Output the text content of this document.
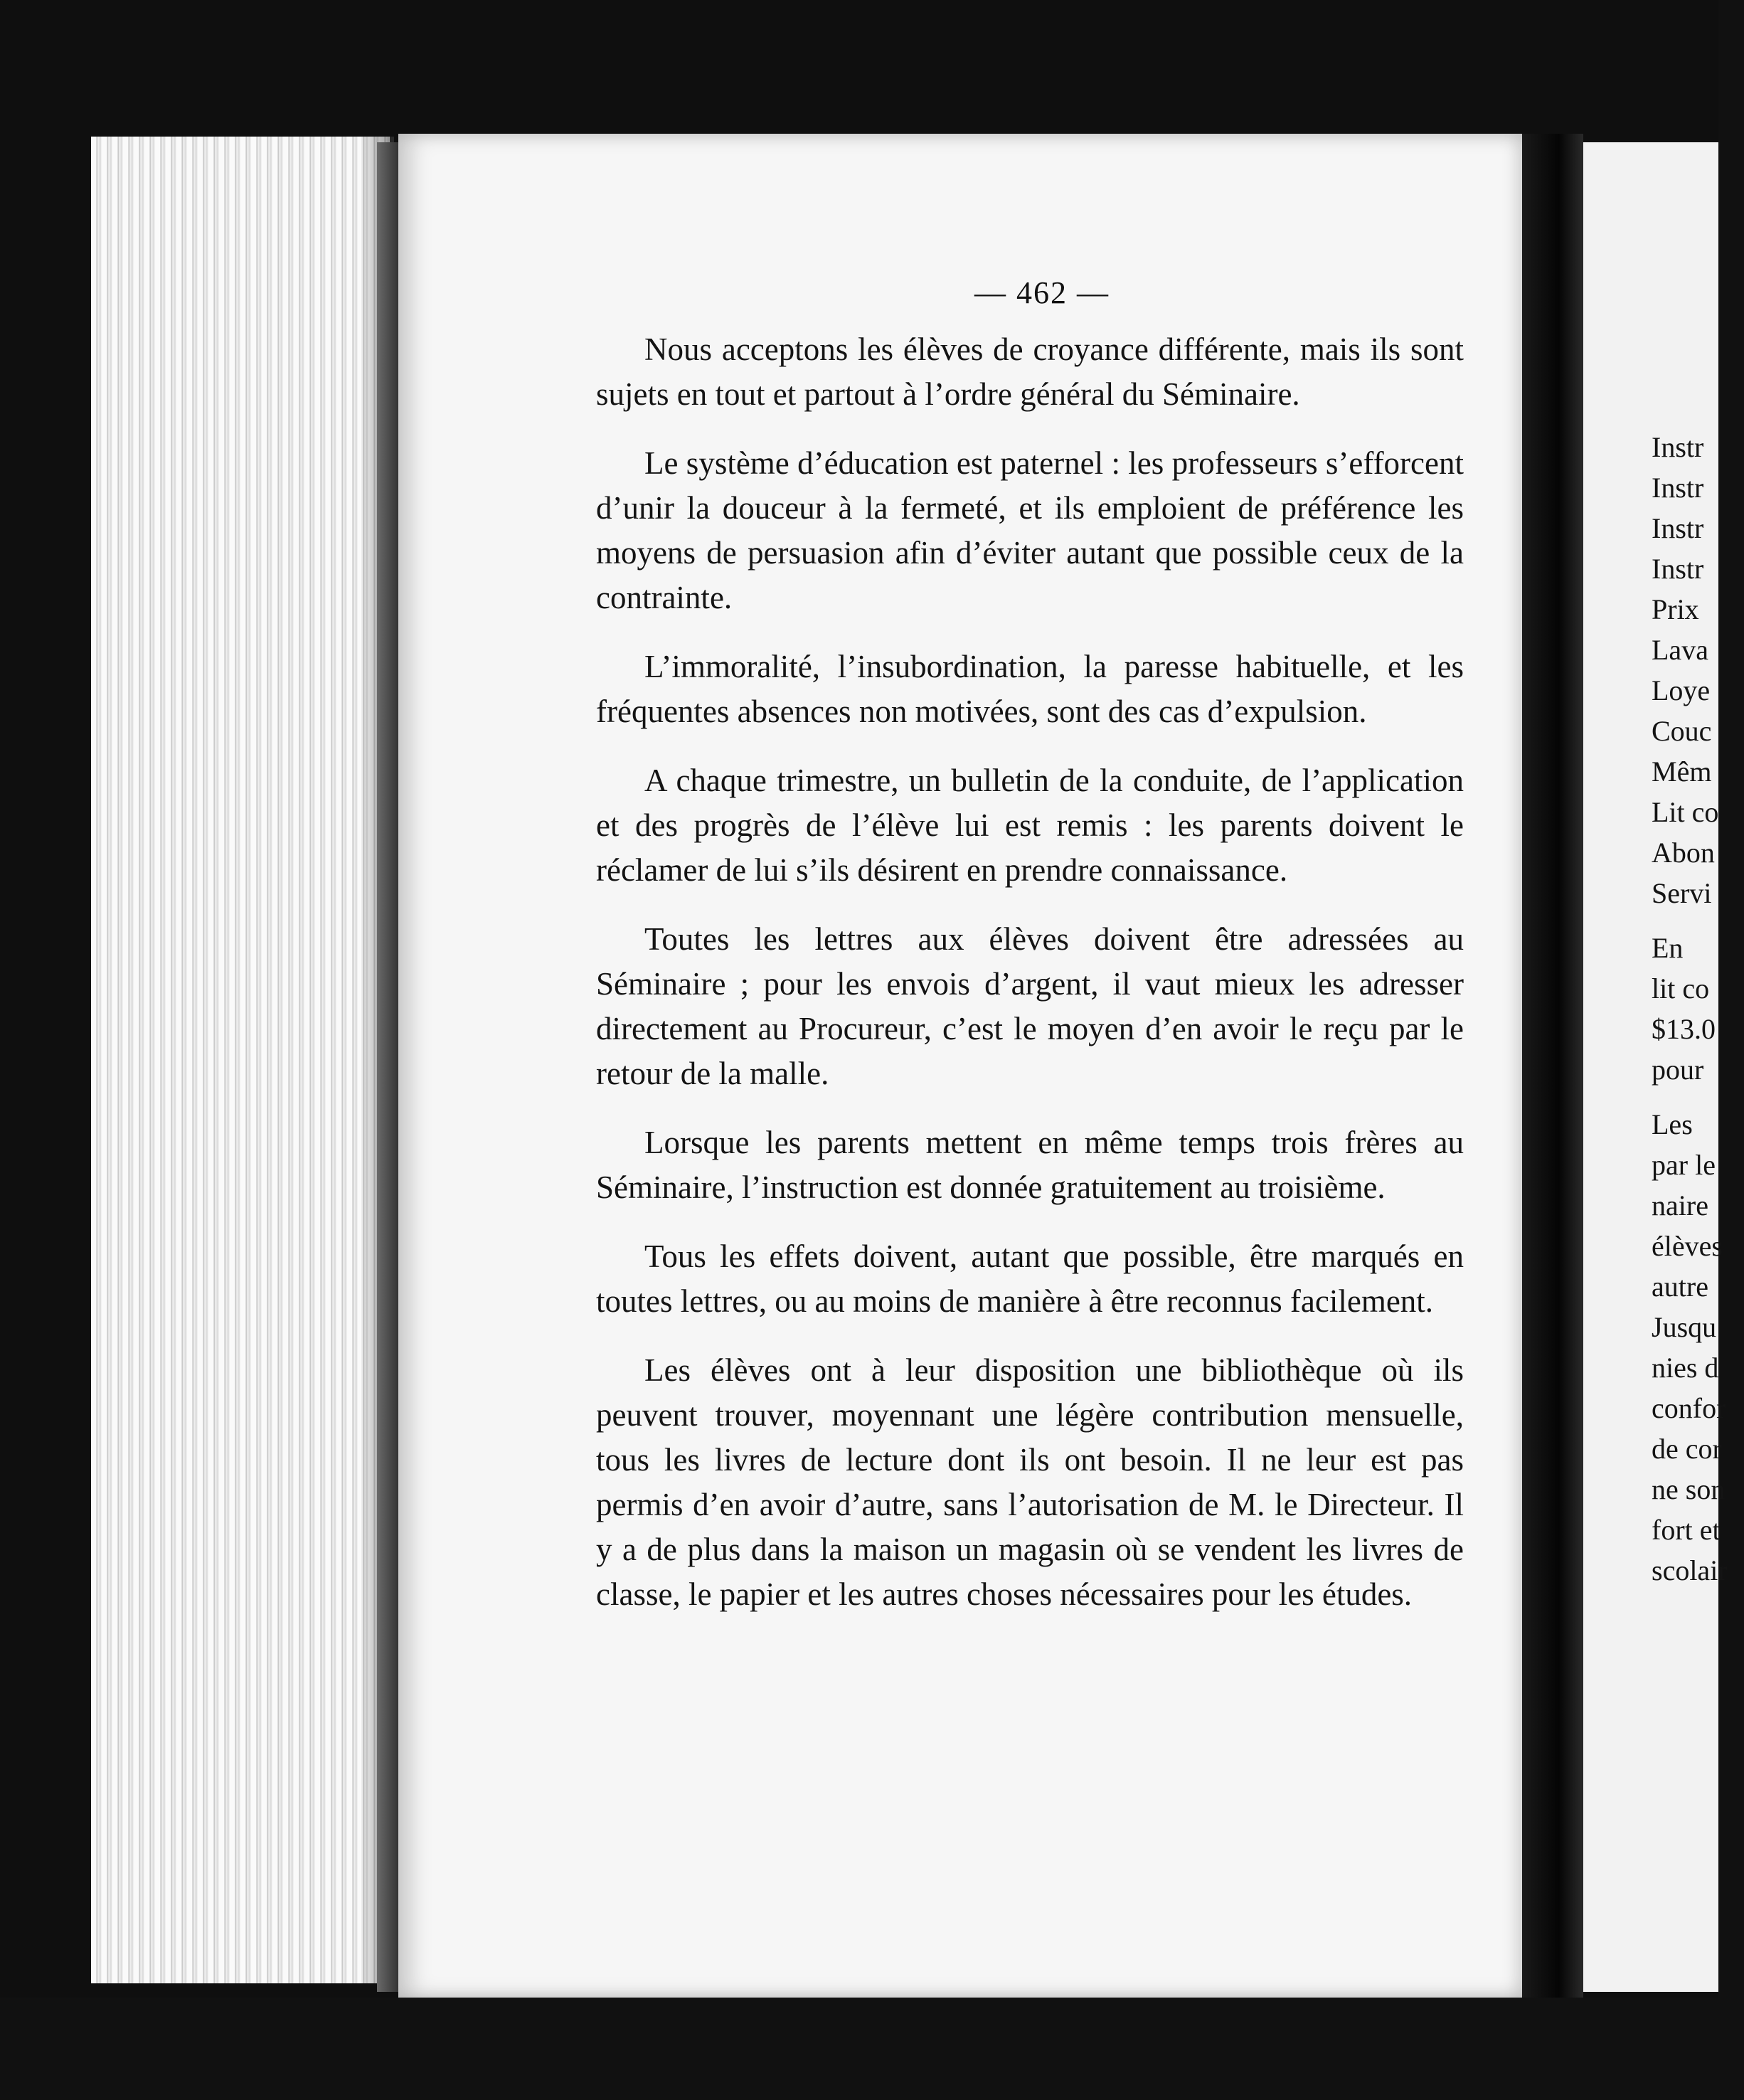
— 462 —

Nous acceptons les élèves de croyance différente, mais ils sont sujets en tout et partout à l’ordre général du Séminaire.

Le système d’éducation est paternel : les professeurs s’efforcent d’unir la douceur à la fermeté, et ils emploient de préférence les moyens de persuasion afin d’éviter autant que possible ceux de la contrainte.

L’immoralité, l’insubordination, la paresse habituelle, et les fréquentes absences non motivées, sont des cas d’expulsion.

A chaque trimestre, un bulletin de la conduite, de l’application et des progrès de l’élève lui est remis : les parents doivent le réclamer de lui s’ils désirent en prendre connaissance.

Toutes les lettres aux élèves doivent être adressées au Séminaire ; pour les envois d’argent, il vaut mieux les adresser directement au Procureur, c’est le moyen d’en avoir le reçu par le retour de la malle.

Lorsque les parents mettent en même temps trois frères au Séminaire, l’instruction est donnée gratuitement au troisième.

Tous les effets doivent, autant que possible, être marqués en toutes lettres, ou au moins de manière à être reconnus facilement.

Les élèves ont à leur disposition une bibliothèque où ils peuvent trouver, moyennant une légère contribution mensuelle, tous les livres de lecture dont ils ont besoin. Il ne leur est pas permis d’en avoir d’autre, sans l’autorisation de M. le Directeur. Il y a de plus dans la maison un magasin où se vendent les livres de classe, le papier et les autres choses nécessaires pour les études.

Instr
Instr
Instr
Instr
Prix
Lava
Loye
Couc
Mêm
Lit co
Abon
Servi
En
lit co
$13.0
pour
Les
par le
naire
élèves
autre
Jusqu
nies d
confor
de cor
ne son
fort et
scolair
